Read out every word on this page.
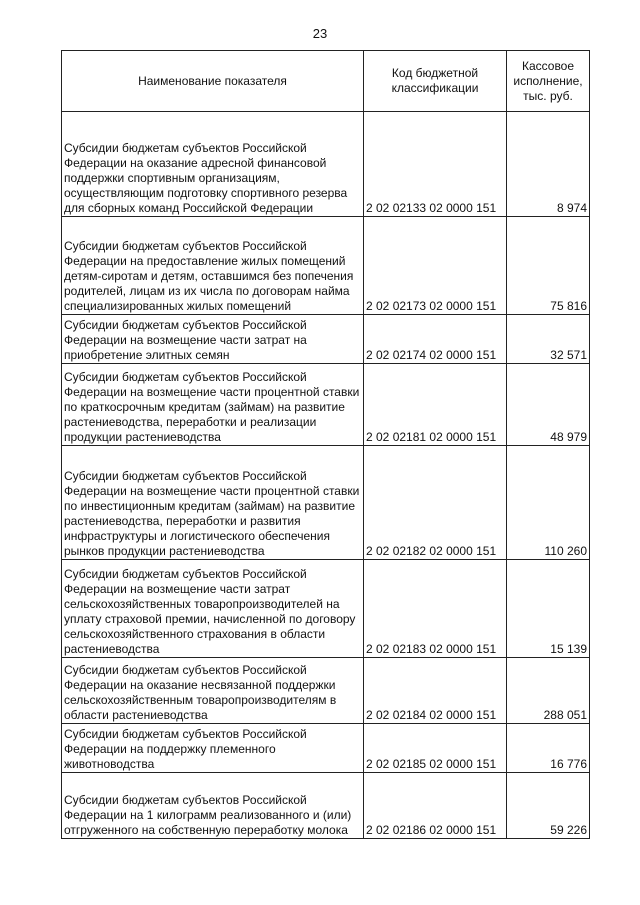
23
Наименование показателя	Код бюджетной классификации	Кассовое исполнение, тыс. руб.
Субсидии бюджетам субъектов Российской Федерации на оказание адресной финансовой поддержки спортивным организациям, осуществляющим подготовку спортивного резерва для сборных команд Российской Федерации	2 02 02133 02 0000 151	8 974
Субсидии бюджетам субъектов Российской Федерации на предоставление жилых помещений детям-сиротам и детям, оставшимся без попечения родителей, лицам из их числа по договорам найма специализированных жилых помещений	2 02 02173 02 0000 151	75 816
Субсидии бюджетам субъектов Российской Федерации на возмещение части затрат на приобретение элитных семян	2 02 02174 02 0000 151	32 571
Субсидии бюджетам субъектов Российской Федерации на возмещение части процентной ставки по краткосрочным кредитам (займам) на развитие растениеводства, переработки и реализации продукции растениеводства	2 02 02181 02 0000 151	48 979
Субсидии бюджетам субъектов Российской Федерации на возмещение части процентной ставки по инвестиционным кредитам (займам) на развитие растениеводства, переработки и развития инфраструктуры и логистического обеспечения рынков продукции растениеводства	2 02 02182 02 0000 151	110 260
Субсидии бюджетам субъектов Российской Федерации на возмещение части затрат сельскохозяйственных товаропроизводителей на уплату страховой премии, начисленной по договору сельскохозяйственного страхования в области растениеводства	2 02 02183 02 0000 151	15 139
Субсидии бюджетам субъектов Российской Федерации на оказание несвязанной поддержки сельскохозяйственным товаропроизводителям в области растениеводства	2 02 02184 02 0000 151	288 051
Субсидии бюджетам субъектов Российской Федерации на поддержку племенного животноводства	2 02 02185 02 0000 151	16 776
Субсидии бюджетам субъектов Российской Федерации на 1 килограмм реализованного и (или) отгруженного на собственную переработку молока	2 02 02186 02 0000 151	59 226
